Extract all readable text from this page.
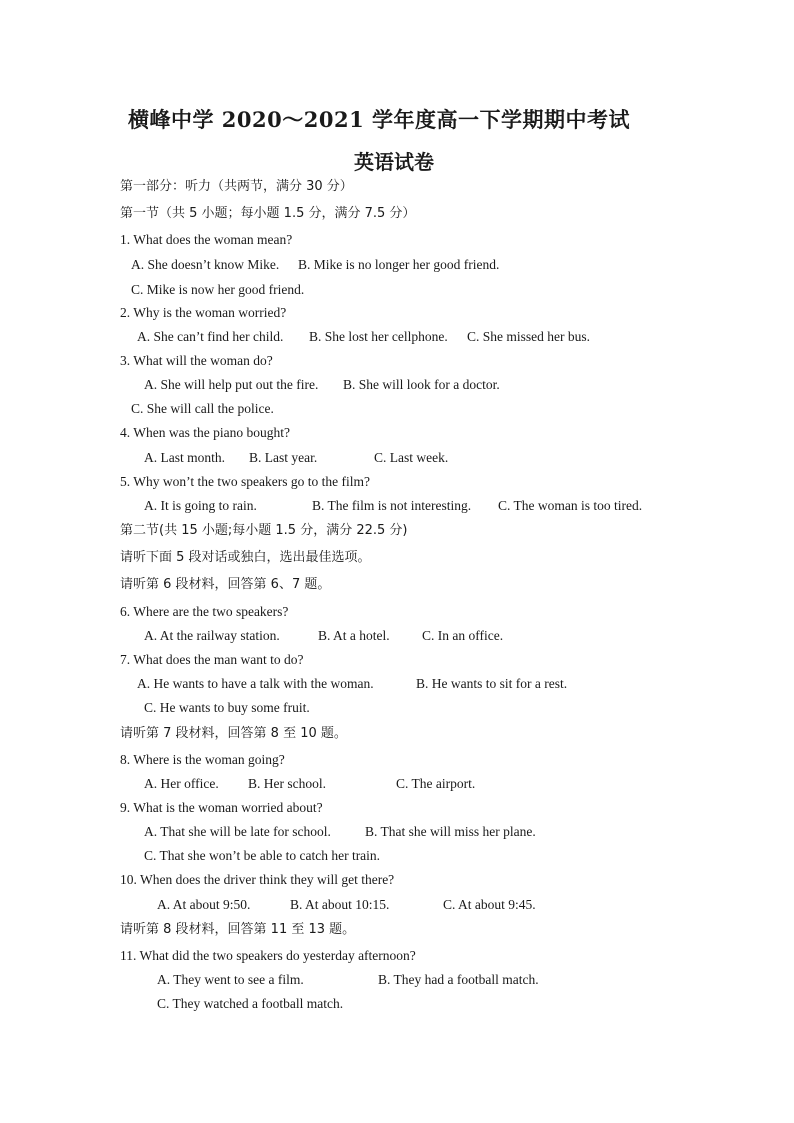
横峰中学 2020～2021 学年度高一下学期期中考试
英语试卷
第一部分：听力（共两节，满分 30 分）
第一节（共 5 小题；每小题 1.5 分，满分 7.5 分）
1. What does the woman mean?
A. She doesn’t know Mike. B. Mike is no longer her good friend.
C. Mike is now her good friend.
2. Why is the woman worried?
A. She can’t find her child. B. She lost her cellphone. C. She missed her bus.
3. What will the woman do?
A. She will help put out the fire. B. She will look for a doctor.
C. She will call the police.
4. When was the piano bought?
A. Last month. B. Last year.	C. Last week.
5. Why won’t the two speakers go to the film?
A. It is going to rain.	B. The film is not interesting. C. The woman is too tired.
第二节(共 15 小题;每小题 1.5 分，满分 22.5 分)
请听下面 5 段对话或独白，选出最佳选项。
请听第 6 段材料，回答第 6、7 题。
6. Where are the two speakers?
A. At the railway station.	B. At a hotel. C. In an office.
7. What does the man want to do?
A. He wants to have a talk with the woman.	B. He wants to sit for a rest.
C. He wants to buy some fruit.
请听第 7 段材料，回答第 8 至 10 题。
8. Where is the woman going?
A. Her office. B. Her school.	C. The airport.
9. What is the woman worried about?
A. That she will be late for school.	B. That she will miss her plane.
C. That she won’t be able to catch her train.
10. When does the driver think they will get there?
A. At about 9:50.	B. At about 10:15.	C. At about 9:45.
请听第 8 段材料，回答第 11 至 13 题。
11. What did the two speakers do yesterday afternoon?
A. They went to see a film.	B. They had a football match.
C. They watched a football match.
